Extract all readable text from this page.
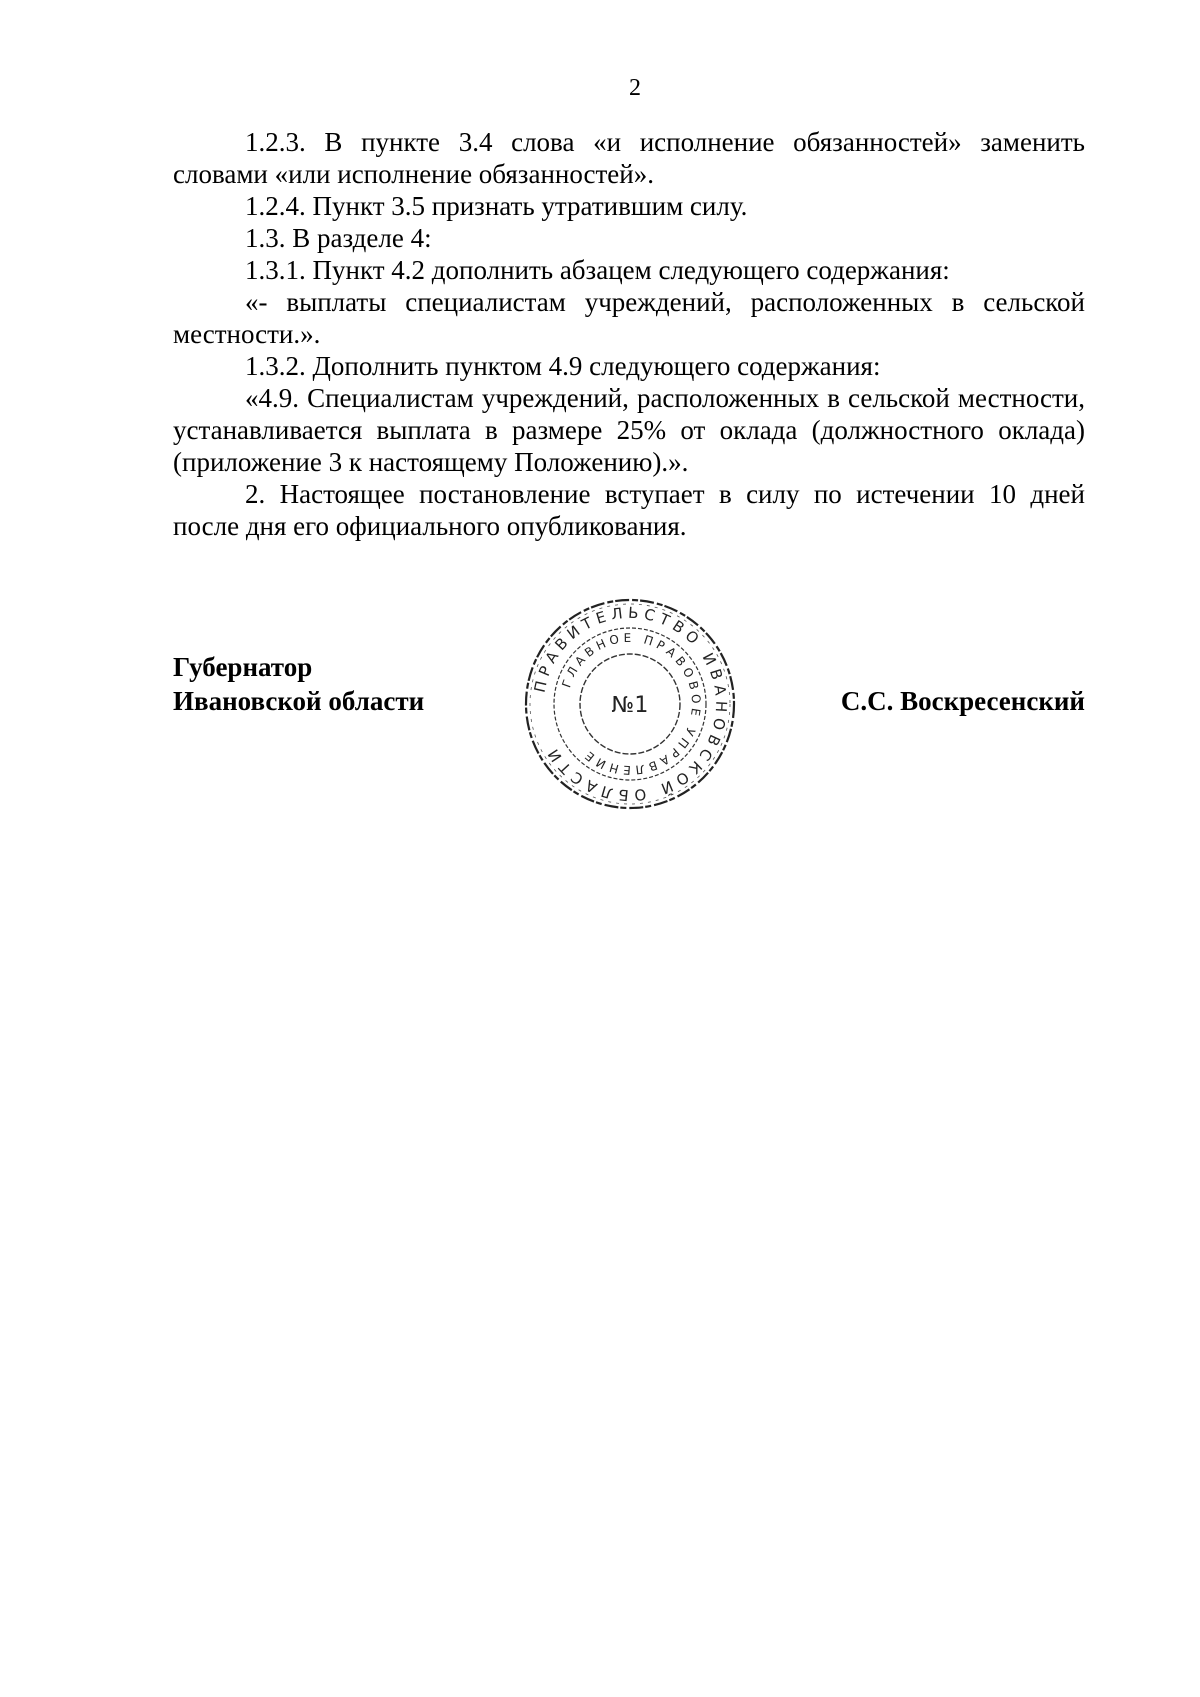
2

1.2.3. В пункте 3.4 слова «и исполнение обязанностей» заменить словами «или исполнение обязанностей».

1.2.4. Пункт 3.5 признать утратившим силу.

1.3. В разделе 4:

1.3.1. Пункт 4.2 дополнить абзацем следующего содержания:

«- выплаты специалистам учреждений, расположенных в сельской местности.».

1.3.2. Дополнить пунктом 4.9 следующего содержания:

«4.9. Специалистам учреждений, расположенных в сельской местности, устанавливается выплата в размере 25% от оклада (должностного оклада) (приложение 3 к настоящему Положению).».

2. Настоящее постановление вступает в силу по истечении 10 дней после дня его официального опубликования.

Губернатор
Ивановской области
ПРАВИТЕЛЬСТВО ИВАНОВСКОЙ ОБЛАСТИ
ГЛАВНОЕ ПРАВОВОЕ УПРАВЛЕНИЕ
№1	С.С. Воскресенский
